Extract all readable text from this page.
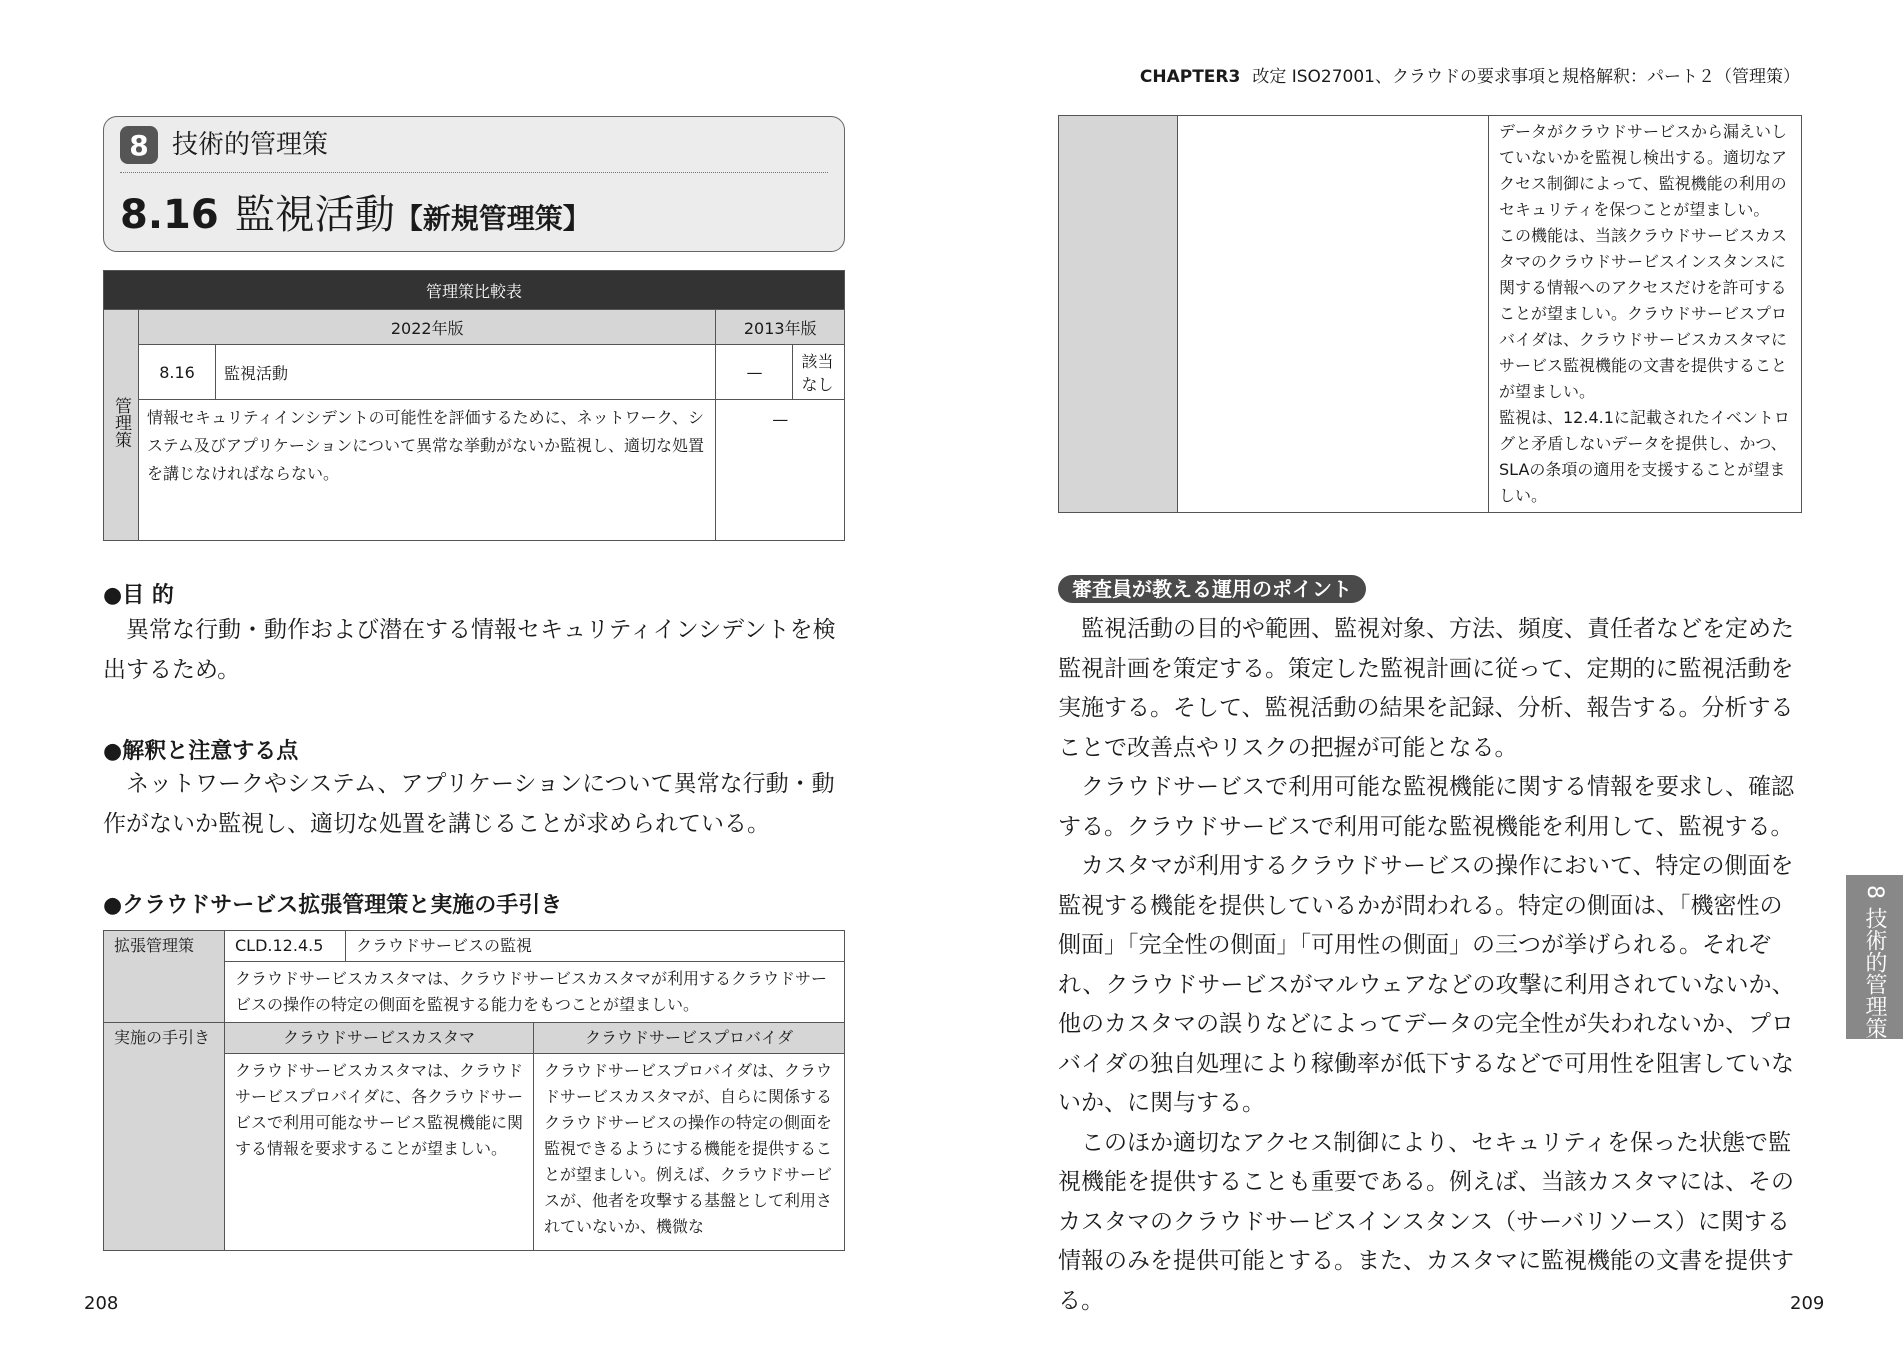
8 技術的管理策
8.16 監視活動【新規管理策】
管理策比較表				
管理策	2022年版		2013年版	
	8.16	監視活動	—	該当なし
	情報セキュリティインシデントの可能性を評価するために、ネットワーク、システム及びアプリケーションについて異常な挙動がないか監視し、適切な処置を講じなければならない。		—	
●目 的
異常な行動・動作および潜在する情報セキュリティインシデントを検出するため。
●解釈と注意する点
ネットワークやシステム、アプリケーションについて異常な行動・動作がないか監視し、適切な処置を講じることが求められている。
●クラウドサービス拡張管理策と実施の手引き
拡張管理策	CLD.12.4.5	クラウドサービスの監視	
	クラウドサービスカスタマは、クラウドサービスカスタマが利用するクラウドサービスの操作の特定の側面を監視する能力をもつことが望ましい。		
実施の手引き	クラウドサービスカスタマ		クラウドサービスプロバイダ
	クラウドサービスカスタマは、クラウドサービスプロバイダに、各クラウドサービスで利用可能なサービス監視機能に関する情報を要求することが望ましい。		クラウドサービスプロバイダは、クラウドサービスカスタマが、自らに関係するクラウドサービスの操作の特定の側面を監視できるようにする機能を提供することが望ましい。例えば、クラウドサービスが、他者を攻撃する基盤として利用されていないか、機微な
208
CHAPTER3 改定 ISO27001、クラウドの要求事項と規格解釈：パート２（管理策）

データがクラウドサービスから漏えいしていないかを監視し検出する。適切なアクセス制御によって、監視機能の利用のセキュリティを保つことが望ましい。

この機能は、当該クラウドサービスカスタマのクラウドサービスインスタンスに関する情報へのアクセスだけを許可することが望ましい。クラウドサービスプロバイダは、クラウドサービスカスタマにサービス監視機能の文書を提供することが望ましい。

監視は、12.4.1に記載されたイベントログと矛盾しないデータを提供し、かつ、SLAの条項の適用を支援することが望ましい。

審査員が教える運用のポイント

監視活動の目的や範囲、監視対象、方法、頻度、責任者などを定めた監視計画を策定する。策定した監視計画に従って、定期的に監視活動を実施する。そして、監視活動の結果を記録、分析、報告する。分析することで改善点やリスクの把握が可能となる。

クラウドサービスで利用可能な監視機能に関する情報を要求し、確認する。クラウドサービスで利用可能な監視機能を利用して、監視する。

カスタマが利用するクラウドサービスの操作において、特定の側面を監視する機能を提供しているかが問われる。特定の側面は、「機密性の側面」「完全性の側面」「可用性の側面」の三つが挙げられる。それぞれ、クラウドサービスがマルウェアなどの攻撃に利用されていないか、他のカスタマの誤りなどによってデータの完全性が失われないか、プロバイダの独自処理により稼働率が低下するなどで可用性を阻害していないか、に関与する。

このほか適切なアクセス制御により、セキュリティを保った状態で監視機能を提供することも重要である。例えば、当該カスタマには、そのカスタマのクラウドサービスインスタンス（サーバリソース）に関する情報のみを提供可能とする。また、カスタマに監視機能の文書を提供する。

8
技術的管理策
209
